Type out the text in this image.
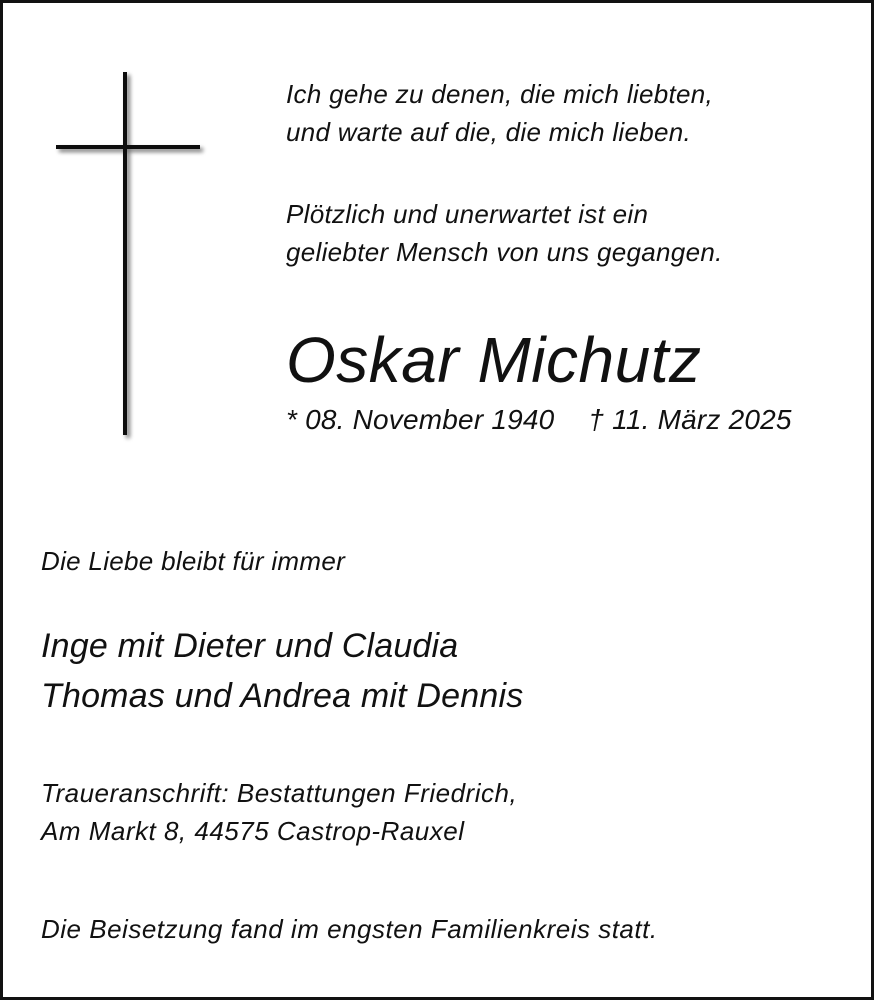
Ich gehe zu denen, die mich liebten,
und warte auf die, die mich lieben.

Plötzlich und unerwartet ist ein
geliebter Mensch von uns gegangen.

Oskar Michutz

* 08. November 1940 † 11. März 2025

Die Liebe bleibt für immer

Inge mit Dieter und Claudia
Thomas und Andrea mit Dennis

Traueranschrift: Bestattungen Friedrich,
Am Markt 8, 44575 Castrop-Rauxel

Die Beisetzung fand im engsten Familienkreis statt.
